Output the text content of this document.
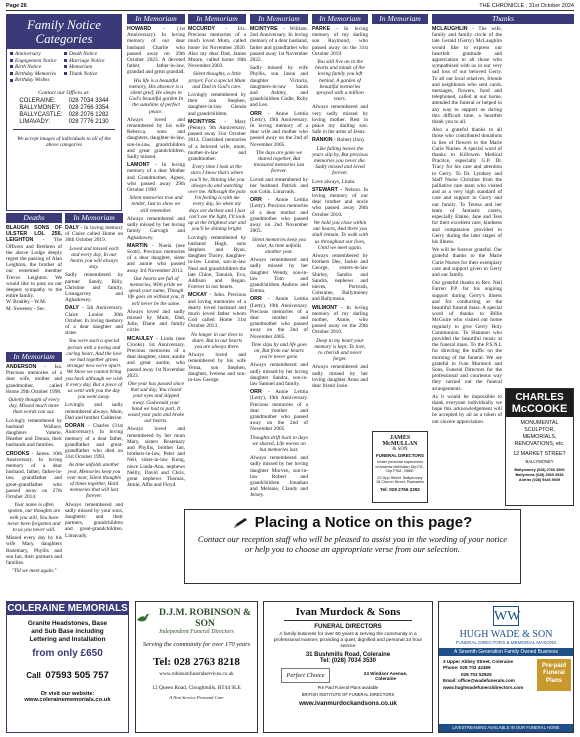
Page 26	THE CHRONICLE , 31st October 2024
Family Notice Categories
Anniversary	Death Notice
Engagement Notice	Marriage Notice
Birth Notice	Memoriam
Birthday Memories	Thank Notice
Birthday Wishes
Contact our Offices at:
COLERAINE:	028 7034 3344
BALLYMONEY:	028 2766 3354
BALLYCASTLE:	028 2076 1282
LIMAVADY:	028 7776 2130
We accept images of individuals to all of the above categories
Deaths
In Memoriam
In Memoriam
In Memoriam	In Memoriam	In Memoriam	In Memoriam	In Memoriam	Thanks

BLAUGH SONS OF ULSTER LOL 256, LEIGHTON - The Officers and Brethren of the above Lodge deeply regret the passing of Alan Leighton, the brother of our esteemed member Trevor Leighton. We would like to pass on our deepest sympathy to the entire family.
W. Bradley - W.M.
M. Sweeney - Sec.

ANDERSON - Isa. Precious memories of a dear wife, mother and grandmother, called Home 29th October 1998.

Quietly thought of every day, Missed much more than words can say.

Lovingly remembered by husband Wallace, daughters Valerie, Heather and Donna, their husbands and families.

CROOKS - James. 10th Anniversary. In loving memory of a dear husband, father, father-in-law, grandfather and great-grandfather who passed away on 27th October 2014.

Your name is often spoken, our thoughts are with you still, You have never been forgotten and to us you never will.

Missed every day by his wife Mary, daughters Rosemary, Phyllis and son Ian, their partners and families.

"Till we meet again."

DALY - In loving memory of Claire called Home on 30th October 2019.

Loved and missed each and every day, In our hearts you will always stay.

Sadly remembered by partner Sandy, Billy, Christine and family, Lisnagarvey and Aghadowey.

DALY - 5th Anniversary. Claire Louise 30th October. In loving memory of a dear daughter and sister.

You were such a special person with a loving and caring heart, And the love we had together grows stronger now we're apart. We know we cannot bring you back although we wish it every day, But a piece of us went with you the day you went away.

Lovingly and sadly remembered always, Mum, Dad and brother Calderine.

DORAN - Charles (31st Anniversary). In loving memory of a dear father, grandfather and great-grandfather who died on 31st October 1993.

As time unfolds another year, Memories keep you ever near, Silent thoughts of times together, Hold memories that will last forever.

Always remembered and sadly missed by your sons, daughters and their partners, grandchildren and great-grandchildren. Limavady.

HOWARD - (1st Anniversary). In loving memory of our dear husband Charlie who passed away on 29th October 2023. A devoted father, father-in-law, grandad and great grandad.

His life is a beautiful memory, His absence is a silent grief, He sleeps in God's beautiful garden In the sunshine of perfect peace.

Always loved and remembered by his wife Rebecca, sons and daughters, daughter-in-law, son-in-law, grandchildren and great grandchildren, Sadly missed.

LAMONT - In loving memory of a dear Mother and Grandmother, Agnes, who passed away 29th October 1990.

Silent memories true and tender, Just to show we still remember.

Always remembered and sadly missed by her loving family Garvagh and Aghadowey.

MARTIN - Noeia (nee Scott). Precious memories of a dear daughter, sister and auntie who passed away 3rd November 2013.

Our hearts are full of memories, With pride we speak your name, Though life goes on without you, It will never be the same.

Always loved and sadly missed by Mum, Dad, Julie, Diane and family circle.

MCAULEY - Linda (nee Crooks). 1st Anniversary. Precious memories of a dear daughter, sister, auntie and great auntie, who passed away 1st November 2023.

One year has passed since that sad day, You closed your eyes and slipped away. Godwould your hand we had to part, It eased your pain and broke our hearts.

Always loved and remembered by her mum Mary, sisters Rosemary and Phyllis, brother Ian, brothers-in-law, Peter and Neil, sister-in-law Kung, niece Linda-Ann, nephews Neilly, David and Chris, great nephews Thomas, Jamie, Alfie and Floyd.

MCCURDY - Iris. Precious memories of a much loved Mum, called home 1st November 2020. Also my dear Dad, James Moore, called home 18th November 2003.

Silent thoughts, a little prayer, For a special Mum and Dad in God's care.

Lovingly remembered by their son Stephen, daughter-in-law Glenda and grandchildren.

MCINTYRE - Mary (Penny). 9th Anniversary, passed away 31st October 2014. Cherished memories of a beloved wife, mum, mother-in-law and grandmother.

Every time I look at the stars I know that's where you'll be, Shining like you always do and watching over me. Although the pain I'm feeling is with me every day, So when my days are darkest and I just can't see the light, I'll look up at the brightest star and you'll be shining bright.

Lovingly remembered by husband Hugh, sons Stephen and Ryan, daughter Tracey, daughter-in-law Louise, son-in-law Neal and grandchildren the late Chloe, Tanuish, Eva, Addison and Regan. Forever in our hearts.

MCKAY - John. Precious and loving memories of a dearly loved husband and much loved father whom God called Home 31st October 2013.

No longer in our lives to share, But in our hearts you are always there.

Always loved and remembered by his wife Verna, son Stephen, daughter, Iverene and son-in-law George.

MCINTYRE - William. 2nd Anniversary. In loving memory of a dear husband, father and grandfather who passed away 1st November 2022.

Sadly missed by wife Phyllis, son Jason and daughter Victoria, daughters-in-law Sarah and Ashley, and grandchildren Codie, Ruby and Leo.

ORR - Annie Letitia (Letty), 19th Anniversary. In loving memory of a dear wife and mother who passed away on the 2nd of November 2005.

The days are gone we shared together, But treasured memories last forever.

Loved and remembered by her husband Patrick and son Colin. Limavady.

ORR - Annie Letitia (Letty). Precious memories of a dear mother and grandmother who passed away on 2nd November 2005.

Silent memories keep you near, As time unfolds another year.

Always remembered and sadly missed by her daughter Wendy, son-in-law Tom and grandchildren Andrew and Emma.

ORR - Annie Letitia (Letty), 19th Anniversary. Precious memories of a dear mother and grandmother who passed away on the 2nd of November 2005.

Time slips by and life goes on, But from our hearts you're never gone.

Always remembered and sadly missed by her loving daughter Sandra, son-in-law Samuel and family.

ORR - Annie Letitia (Letty), 19th Anniversary. Precious memories of a dear mother and grandmother who passed away on the 2nd of November 2005.

Thoughts drift back to days we shared, Life moves on but memories last.

Always remembered and sadly missed by her loving daughter Morven, son-in-law Robert and grandchildren Jonathan and Melanie, Claudy and Jersey.

PARKE - In loving memory of my darling son Raymond, who passed away on the 31st October 2019.

You still live on in the hearts and minds of the loving family you left behind, A garden of beautiful memories sprayed with a million tears.

Always remembered and very sadly missed by loving mother. Rest in peace my darling son. Safe in the arms of Jesus.

RANKIN - Robert (Jon).

Like falling leaves the years slip by, But precious memories you never die. Sadly missed and loved forever.

Love always, Linda.

STEWART - Nelson. In loving memory of our dear brother and uncle who passed away 28th October 2010.

We hold you close within our hearts, And there you shall remain. To walk with us throughout our lives, Until we meet again.

Always remembered by brothers Des, Jackie and George, sisters-in-law Shirley, Sandra and Sandra, nephews and nieces, Portrush, Coleraine, Ballymoney and Ballymena.

WILMONT - In loving memory of my darling mother, Annie, who passed away on the 29th October 2010.

Deep in my heart your memory is kept, To love, to cherish and never forget.

Always remembered and sadly missed by her loving daughter Anna and dear friend Josie.

MCLAUGHLIN - The wife, family and family circle of the late Gerald (Gerry) McLaughlin would like to express our heartfelt gratitude and appreciation to all those who sympathised with us in our very sad loss of our beloved Gerry. To all our local relatives, friends and neighbours who sent cards, messages, flowers, food and telephoned, called at our home, attended the funeral or helped in any way to support us during this difficult time, a heartfelt thank you to all.

Also a grateful thanks to all those who contributed donations in lieu of flowers to the Marie Curie Nurses. A special word of thanks to Killowen Medical Practice, especially G.P. Dr. Tracy for his care and attention to Gerry. To Dr. Lyndsey and Staff Nurse Christine from the palliative care team who visited and at a very high standard of care and support to Gerry and our family. To Teresa and her team of fantastic carers, especially Elaine, Jane and Tess for their excellent care, kindness and compassion provided to Gerry during the later stages of his illness.

We will be forever grateful. Our grateful thanks to the Marie Curie Nurses for their exemplary care and support given to Gerry and our family.

Our grateful thanks to Rev. Neil Farren P.P. for his ongoing support during Gerry's illness and for conducting at the beautiful funeral mass. A special word of thanks to Billie McGuire who visited our home regularly to give Gerry Holy Communion. To Shannon who provided the beautiful music at the funeral mass. To the P.S.N.I. for directing the traffic on the morning of the funeral. We are grateful to Ivan Murdock and Sons, Funeral Directors for the professional and courteous way they carried out the funeral arrangements.

As it would be impossible to thank everyone individually we hope this acknowledgement will be accepted by all as a token of our sincere appreciation.

JAMES McMULLAN
& SON
FUNERAL DIRECTORS
Under personal supervision of Andrew McMullan Dip.FD., Dip.FSM., MBIE
22 Hpp Street, Ballymoney
18 Church Street, Rasharkin
Tel: 028 2766 2292
CHARLES
McCOOKE
MONUMENTAL
SCULPTOR,
MEMORIALS,
RENOVATIONS, etc.
12 MARKET STREET
BALLYMONEY
Ballymoney (028) 2766 3506
Ballymena (028) 2565 3938
Antrim (028) 9446 8939
Placing a Notice on this page?
Contact our reception staff who will be pleased to assist you in the wording of your notice or help you to choose an appropriate verse from our selection.
COLERAINE MEMORIALS
Granite Headstones, Base
and Sub Base including
Lettering and Installation
from only £650
Call 07593 505 757
Or visit our website:
www.colerainememorials.co.uk
D.J.M. ROBINSON & SON
Independent Funeral Directors
Serving the community for over 170 years
Tel: 028 2763 8218
www.robinsonfuneralservices.co.uk
12 Queen Road, Cloughmills, BT44 9LE
A Non Service Personal Care
Ivan Murdock & Sons
FUNERAL DIRECTORS
A family business for over 60 years & serving the community in a professional manner, providing a quiet, dignified and personal 24 hour service
31 Bushmills Road, Coleraine
Tel: (028) 7034 3530
Perfect Choice	24 Windsor Avenue, Coleraine
Pre Paid Funeral Plans available
BRITISH INSTITUTE OF FUNERAL DIRECTORS
www.ivanmurdockandsons.co.uk
WW
HUGH WADE & SON
FUNERAL DIRECTORS & MEMORIAL MASONS
A Seventh Generation Family Owned Business
3 Upper Abbey Street, Coleraine
Phone: 028 703 42489
028 703 52825
Email: office@wadefunerals.com
www.hughwadefuneraldirectors.com
Pre-paid
Funeral
Plans
LIVESTREAMING AVAILABLE IN OUR FUNERAL HOME
